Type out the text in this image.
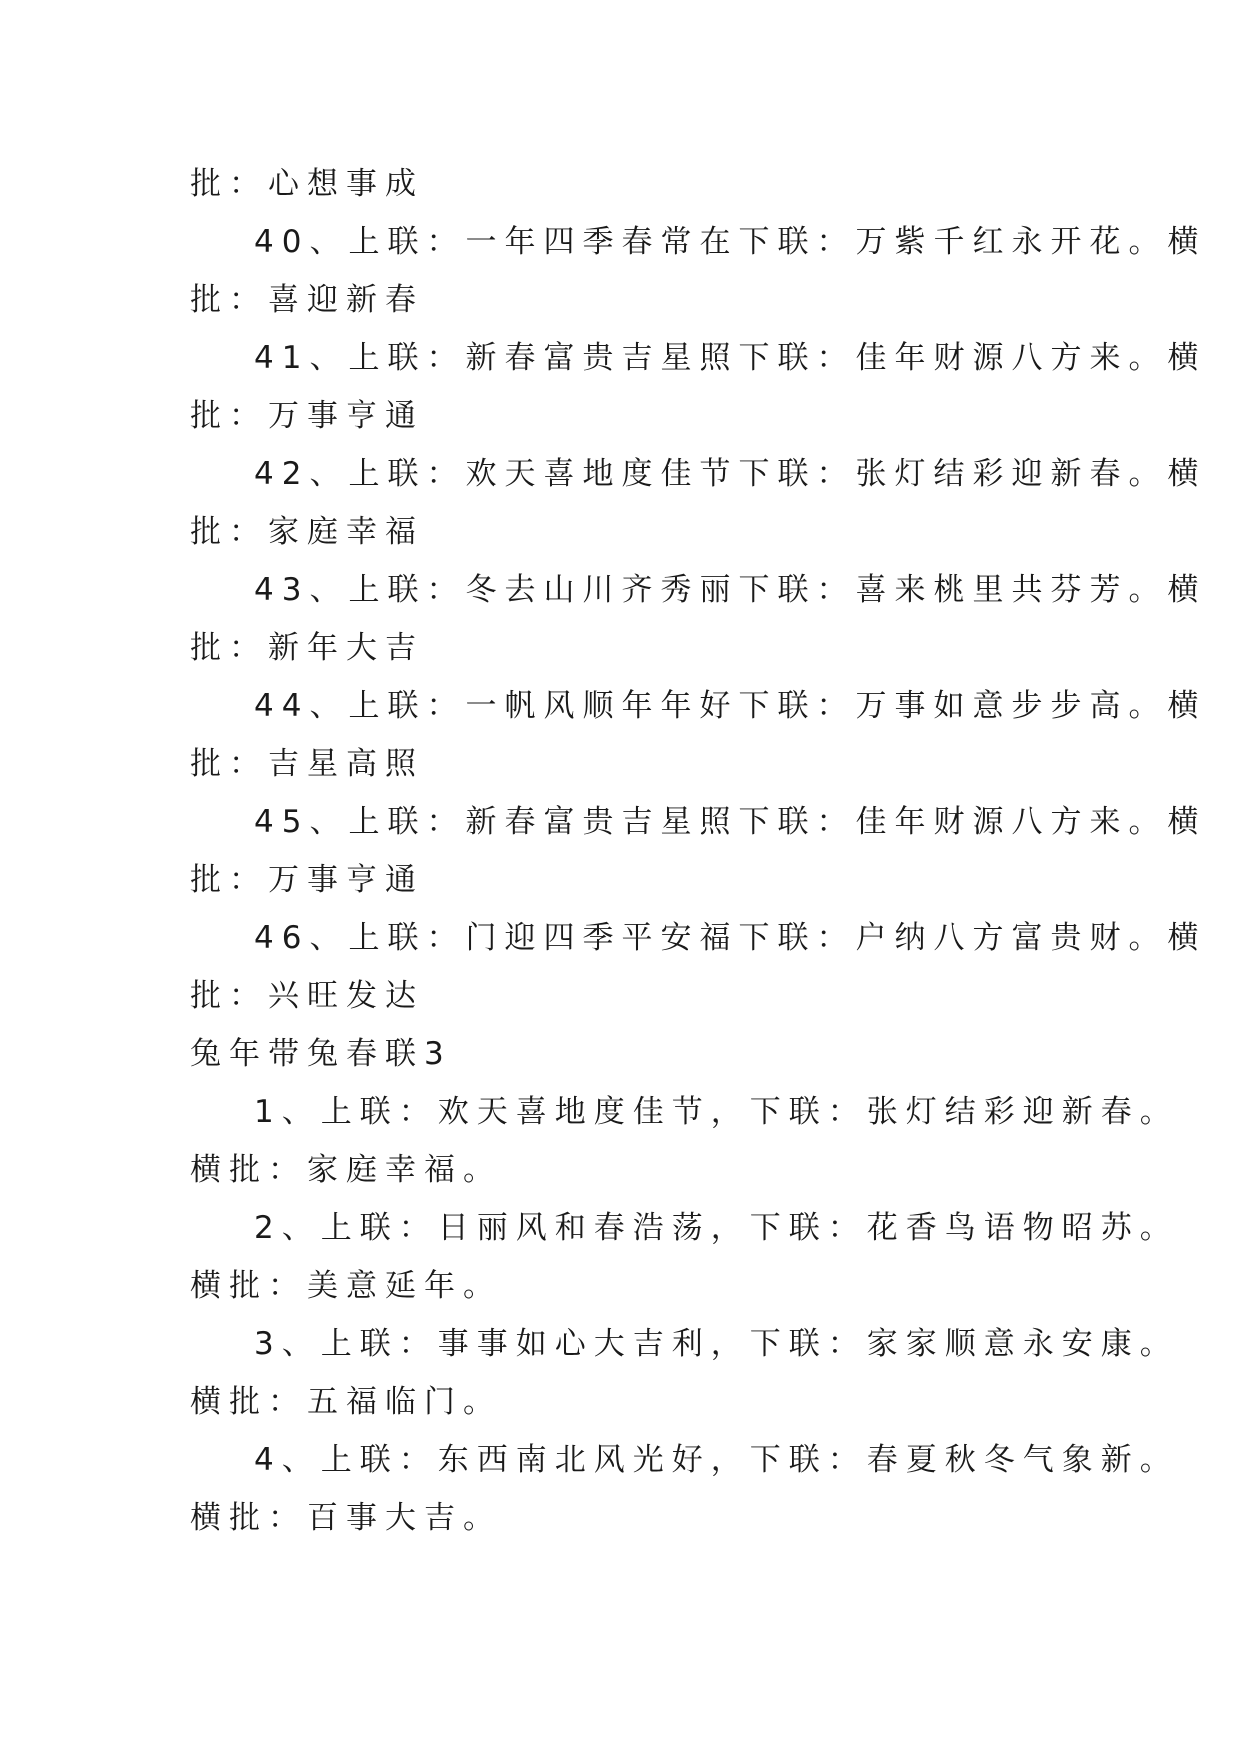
批：心想事成
40、上联：一年四季春常在下联：万紫千红永开花。横
批：喜迎新春
41、上联：新春富贵吉星照下联：佳年财源八方来。横
批：万事亨通
42、上联：欢天喜地度佳节下联：张灯结彩迎新春。横
批：家庭幸福
43、上联：冬去山川齐秀丽下联：喜来桃里共芬芳。横
批：新年大吉
44、上联：一帆风顺年年好下联：万事如意步步高。横
批：吉星高照
45、上联：新春富贵吉星照下联：佳年财源八方来。横
批：万事亨通
46、上联：门迎四季平安福下联：户纳八方富贵财。横
批：兴旺发达
兔年带兔春联3
1、上联：欢天喜地度佳节，下联：张灯结彩迎新春。
横批：家庭幸福。
2、上联：日丽风和春浩荡，下联：花香鸟语物昭苏。
横批：美意延年。
3、上联：事事如心大吉利，下联：家家顺意永安康。
横批：五福临门。
4、上联：东西南北风光好，下联：春夏秋冬气象新。
横批：百事大吉。
